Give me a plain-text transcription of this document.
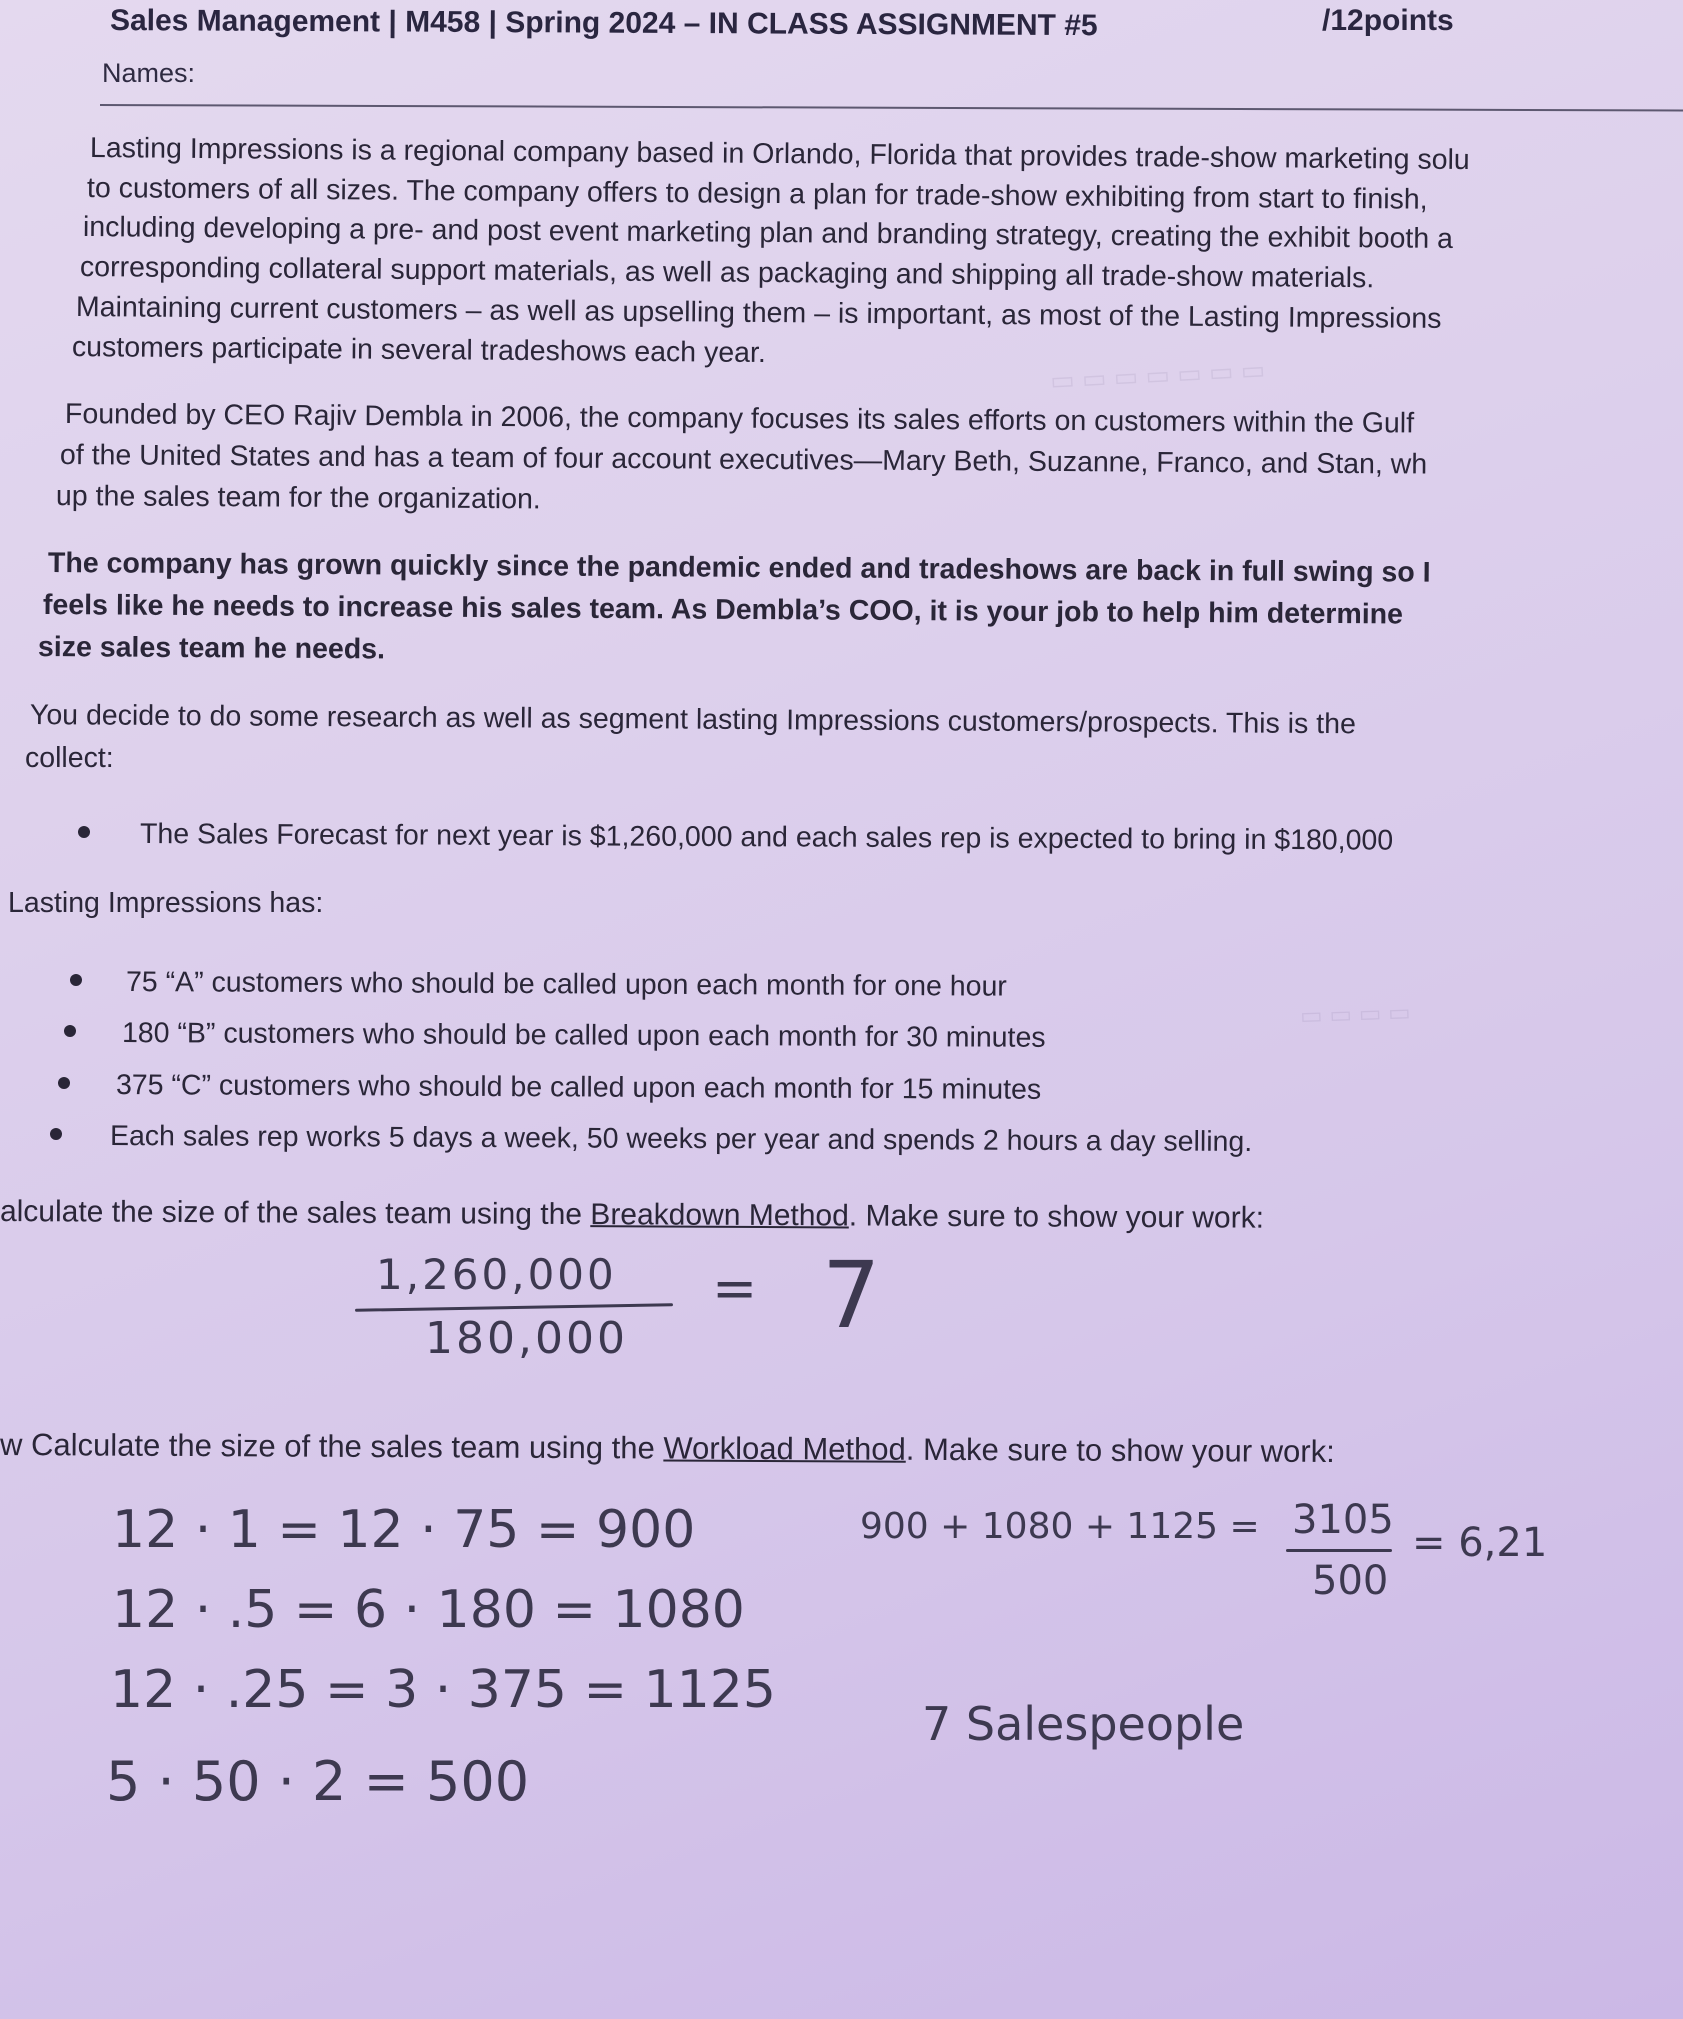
▭ ▭ ▭ ▭ ▭ ▭ ▭
▭ ▭ ▭ ▭

Sales Management | M458 | Spring 2024 – IN CLASS ASSIGNMENT #5	/12points

Names:

Lasting Impressions is a regional company based in Orlando, Florida that provides trade-show marketing solu

to customers of all sizes. The company offers to design a plan for trade-show exhibiting from start to finish,

including developing a pre- and post event marketing plan and branding strategy, creating the exhibit booth a

corresponding collateral support materials, as well as packaging and shipping all trade-show materials.

Maintaining current customers – as well as upselling them – is important, as most of the Lasting Impressions

customers participate in several tradeshows each year.

Founded by CEO Rajiv Dembla in 2006, the company focuses its sales efforts on customers within the Gulf

of the United States and has a team of four account executives—Mary Beth, Suzanne, Franco, and Stan, wh

up the sales team for the organization.

The company has grown quickly since the pandemic ended and tradeshows are back in full swing so I

feels like he needs to increase his sales team. As Dembla’s COO, it is your job to help him determine

size sales team he needs.

You decide to do some research as well as segment lasting Impressions customers/prospects. This is the

collect:

The Sales Forecast for next year is $1,260,000 and each sales rep is expected to bring in $180,000

Lasting Impressions has:

75 “A” customers who should be called upon each month for one hour

180 “B” customers who should be called upon each month for 30 minutes

375 “C” customers who should be called upon each month for 15 minutes

Each sales rep works 5 days a week, 50 weeks per year and spends 2 hours a day selling.

alculate the size of the sales team using the Breakdown Method. Make sure to show your work:

1,260,000
180,000
= 7

w Calculate the size of the sales team using the Workload Method. Make sure to show your work:

12 · 1 = 12 · 75 = 900
12 · .5 = 6 · 180 = 1080
12 · .25 = 3 · 375 = 1125
5 · 50 · 2 = 500
900 + 1080 + 1125 = 3105
500
= 6,21
7 Salespeople
